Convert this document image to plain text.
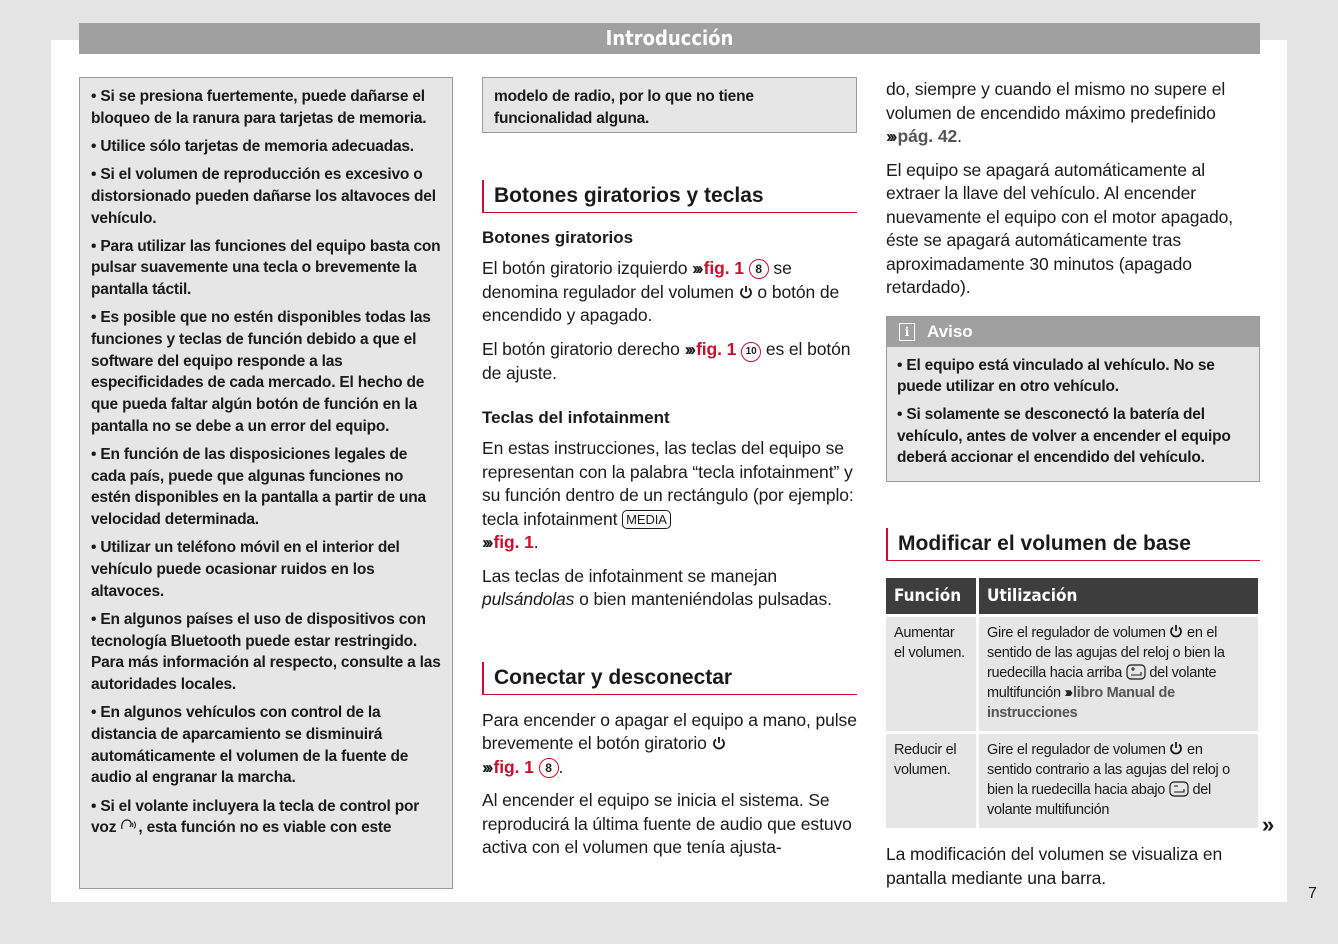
Introducción

• Si se presiona fuertemente, puede dañarse el bloqueo de la ranura para tarjetas de memoria.

• Utilice sólo tarjetas de memoria adecuadas.

• Si el volumen de reproducción es excesivo o distorsionado pueden dañarse los altavoces del vehículo.

• Para utilizar las funciones del equipo basta con pulsar suavemente una tecla o brevemente la pantalla táctil.

• Es posible que no estén disponibles todas las funciones y teclas de función debido a que el software del equipo responde a las especificidades de cada mercado. El hecho de que pueda faltar algún botón de función en la pantalla no se debe a un error del equipo.

• En función de las disposiciones legales de cada país, puede que algunas funciones no estén disponibles en la pantalla a partir de una velocidad determinada.

• Utilizar un teléfono móvil en el interior del vehículo puede ocasionar ruidos en los altavoces.

• En algunos países el uso de dispositivos con tecnología Bluetooth puede estar restringido. Para más información al respecto, consulte a las autoridades locales.

• En algunos vehículos con control de la distancia de aparcamiento se disminuirá automáticamente el volumen de la fuente de audio al engranar la marcha.

• Si el volante incluyera la tecla de control por voz , esta función no es viable con este

modelo de radio, por lo que no tiene funcionalidad alguna.

Botones giratorios y teclas
Botones giratorios

El botón giratorio izquierdo ››› fig. 1 8 se denomina regulador del volumen  o botón de encendido y apagado.

El botón giratorio derecho ››› fig. 1 10 es el botón de ajuste.

Teclas del infotainment

En estas instrucciones, las teclas del equipo se representan con la palabra “tecla infotainment” y su función dentro de un rectángulo (por ejemplo: tecla infotainment MEDIA
››› fig. 1.

Las teclas de infotainment se manejan pulsándolas o bien manteniéndolas pulsadas.

Conectar y desconectar

Para encender o apagar el equipo a mano, pulse brevemente el botón giratorio
››› fig. 1 8 .

Al encender el equipo se inicia el sistema. Se reproducirá la última fuente de audio que estuvo activa con el volumen que tenía ajusta-

do, siempre y cuando el mismo no supere el volumen de encendido máximo predefinido ››› pág. 42.

El equipo se apagará automáticamente al extraer la llave del vehículo. Al encender nuevamente el equipo con el motor apagado, éste se apagará automáticamente tras aproximadamente 30 minutos (apagado retardado).

i Aviso

• El equipo está vinculado al vehículo. No se puede utilizar en otro vehículo.

• Si solamente se desconectó la batería del vehículo, antes de volver a encender el equipo deberá accionar el encendido del vehículo.

Modificar el volumen de base
Función	Utilización
Aumentar el volumen.	Gire el regulador de volumen  en el sentido de las agujas del reloj o bien la ruedecilla hacia arriba  del volante multifunción ››› libro Manual de instrucciones
Reducir el volumen.	Gire el regulador de volumen  en sentido contrario a las agujas del reloj o bien la ruedecilla hacia abajo  del volante multifunción

La modificación del volumen se visualiza en pantalla mediante una barra.

»
7
